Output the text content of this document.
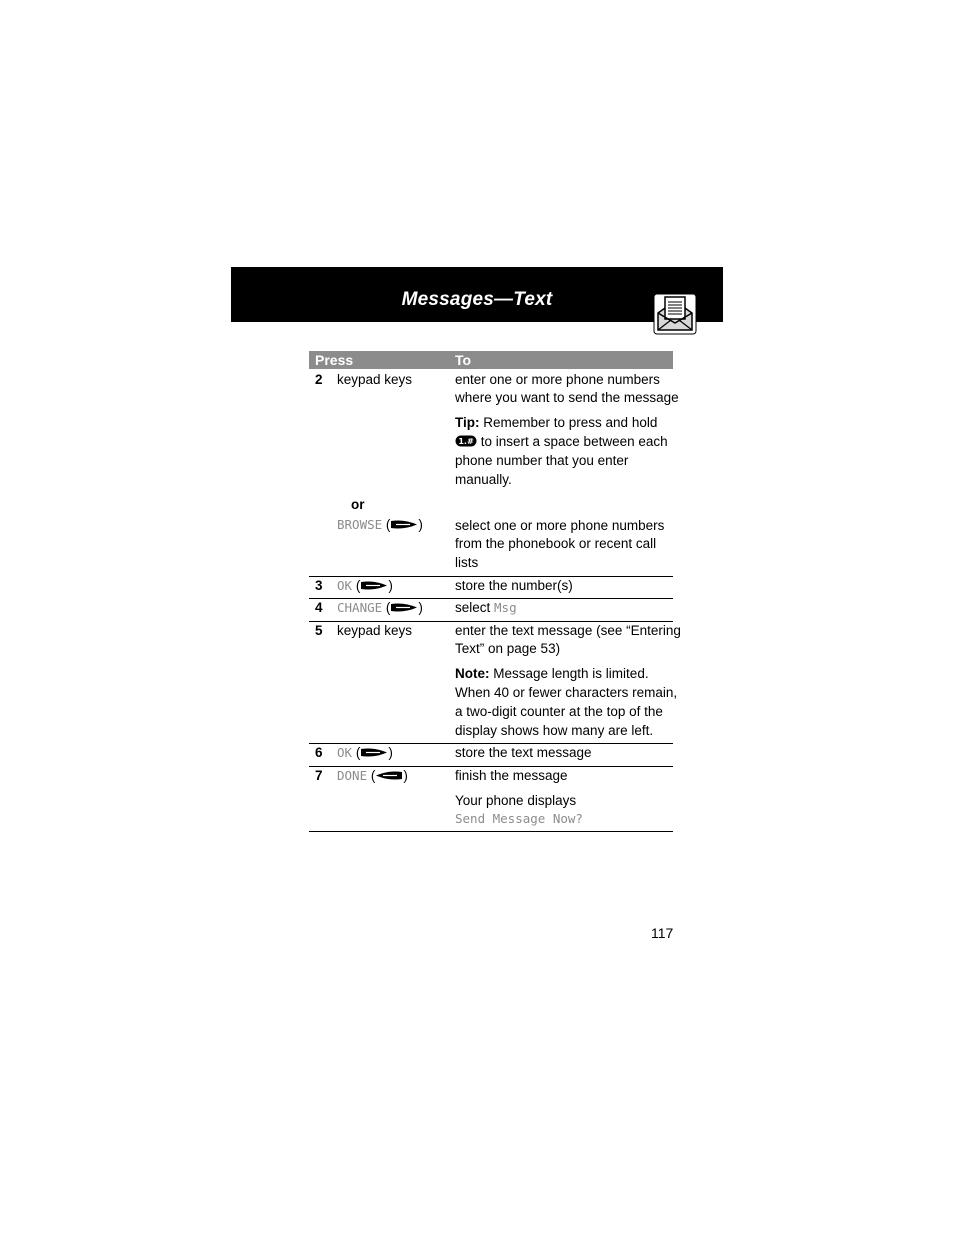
Messages—Text
Press	To
2 keypad keys	enter one or more phone numbers
where you want to send the message
Tip: Remember to press and hold
1.# to insert a space between each
phone number that you enter
manually.
or
BROWSE ( ) select one or more phone numbers
from the phonebook or recent call
lists
3 OK ( )	store the number(s)
4 CHANGE ( ) select Msg
5 keypad keys	enter the text message (see “Entering
Text” on page 53)
Note: Message length is limited.
When 40 or fewer characters remain,
a two-digit counter at the top of the
display shows how many are left.
6 OK ( )	store the text message
7 DONE ( )	finish the message
Your phone displays
Send Message Now?
117
